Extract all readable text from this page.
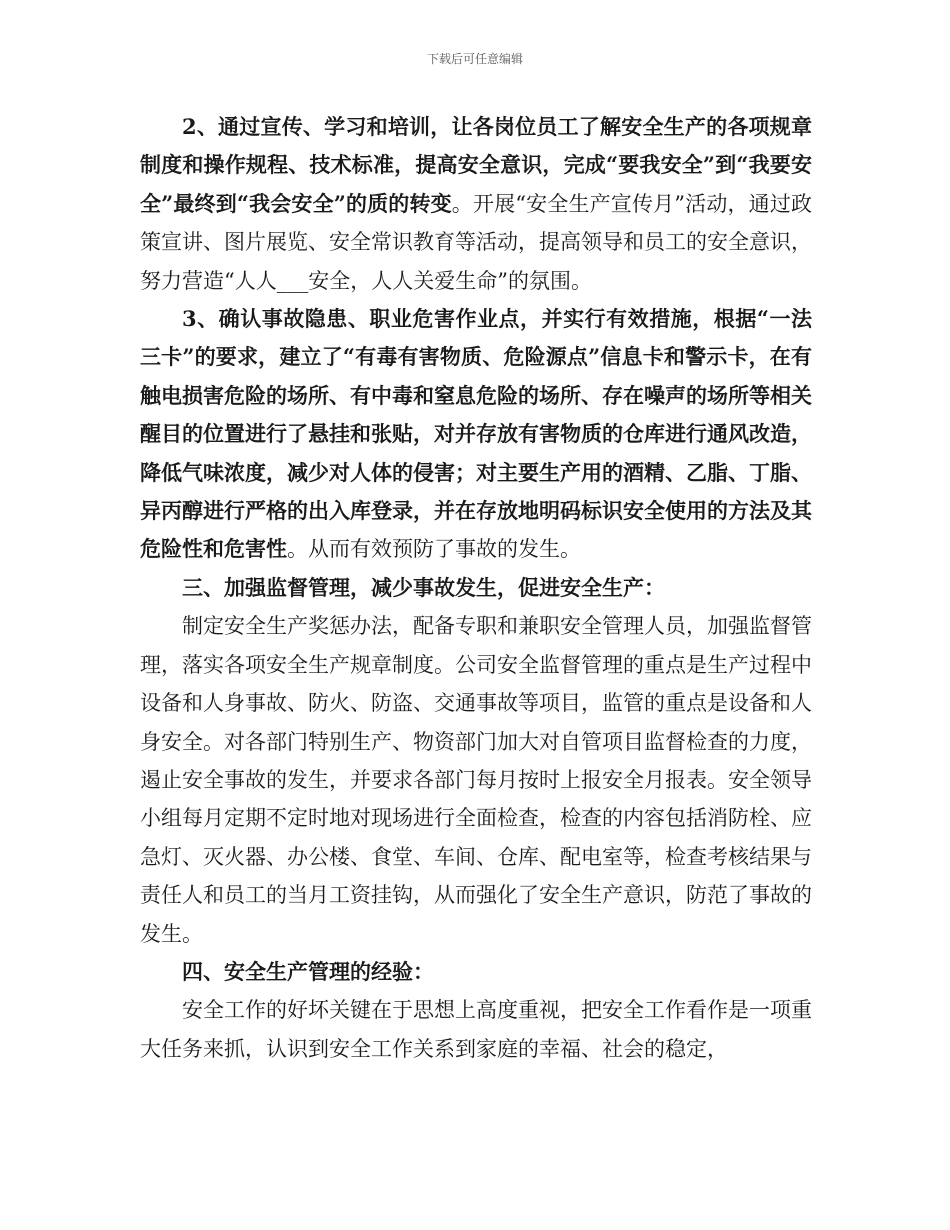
下载后可任意编辑

2、通过宣传、学习和培训，让各岗位员工了解安全生产的各项规章制度和操作规程、技术标准，提高安全意识，完成“要我安全”到“我要安全”最终到“我会安全”的质的转变。开展“安全生产宣传月”活动，通过政策宣讲、图片展览、安全常识教育等活动，提高领导和员工的安全意识，努力营造“人人___安全，人人关爱生命”的氛围。

3、确认事故隐患、职业危害作业点，并实行有效措施，根据“一法三卡”的要求，建立了“有毒有害物质、危险源点”信息卡和警示卡，在有触电损害危险的场所、有中毒和窒息危险的场所、存在噪声的场所等相关醒目的位置进行了悬挂和张贴，对并存放有害物质的仓库进行通风改造，降低气味浓度，减少对人体的侵害；对主要生产用的酒精、乙脂、丁脂、异丙醇进行严格的出入库登录，并在存放地明码标识安全使用的方法及其危险性和危害性。从而有效预防了事故的发生。

三、加强监督管理，减少事故发生，促进安全生产：

制定安全生产奖惩办法，配备专职和兼职安全管理人员，加强监督管理，落实各项安全生产规章制度。公司安全监督管理的重点是生产过程中设备和人身事故、防火、防盗、交通事故等项目，监管的重点是设备和人身安全。对各部门特别生产、物资部门加大对自管项目监督检查的力度，遏止安全事故的发生，并要求各部门每月按时上报安全月报表。安全领导小组每月定期不定时地对现场进行全面检查，检查的内容包括消防栓、应急灯、灭火器、办公楼、食堂、车间、仓库、配电室等，检查考核结果与责任人和员工的当月工资挂钩，从而强化了安全生产意识，防范了事故的发生。

四、安全生产管理的经验：

安全工作的好坏关键在于思想上高度重视，把安全工作看作是一项重大任务来抓，认识到安全工作关系到家庭的幸福、社会的稳定，
